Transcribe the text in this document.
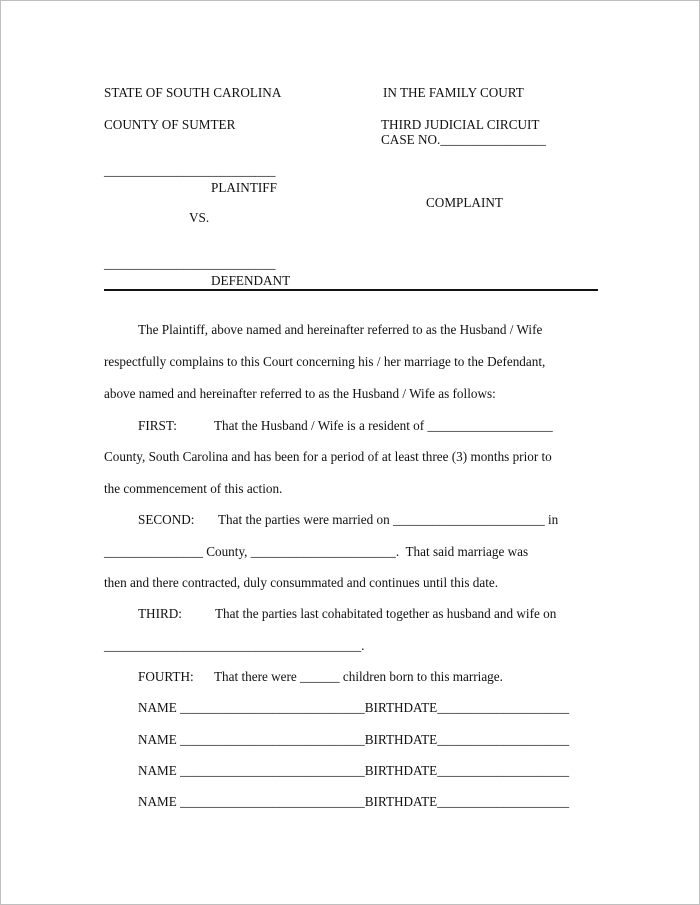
STATE OF SOUTH CAROLINA
COUNTY OF SUMTER
IN THE FAMILY COURT
THIRD JUDICIAL CIRCUIT
CASE NO.________________
__________________________
PLAINTIFF
COMPLAINT
VS.
__________________________
DEFENDANT
The Plaintiff, above named and hereinafter referred to as the Husband / Wife
respectfully complains to this Court concerning his / her marriage to the Defendant,
above named and hereinafter referred to as the Husband / Wife as follows:
FIRST:	That the Husband / Wife is a resident of ___________________
County, South Carolina and has been for a period of at least three (3) months prior to
the commencement of this action.
SECOND: That the parties were married on _______________________ in
_______________ County, ______________________.  That said marriage was
then and there contracted, duly consummated and continues until this date.
THIRD:	That the parties last cohabitated together as husband and wife on
_______________________________________.
FOURTH: That there were ______ children born to this marriage.
NAME ____________________________BIRTHDATE____________________
NAME ____________________________BIRTHDATE____________________
NAME ____________________________BIRTHDATE____________________
NAME ____________________________BIRTHDATE____________________
